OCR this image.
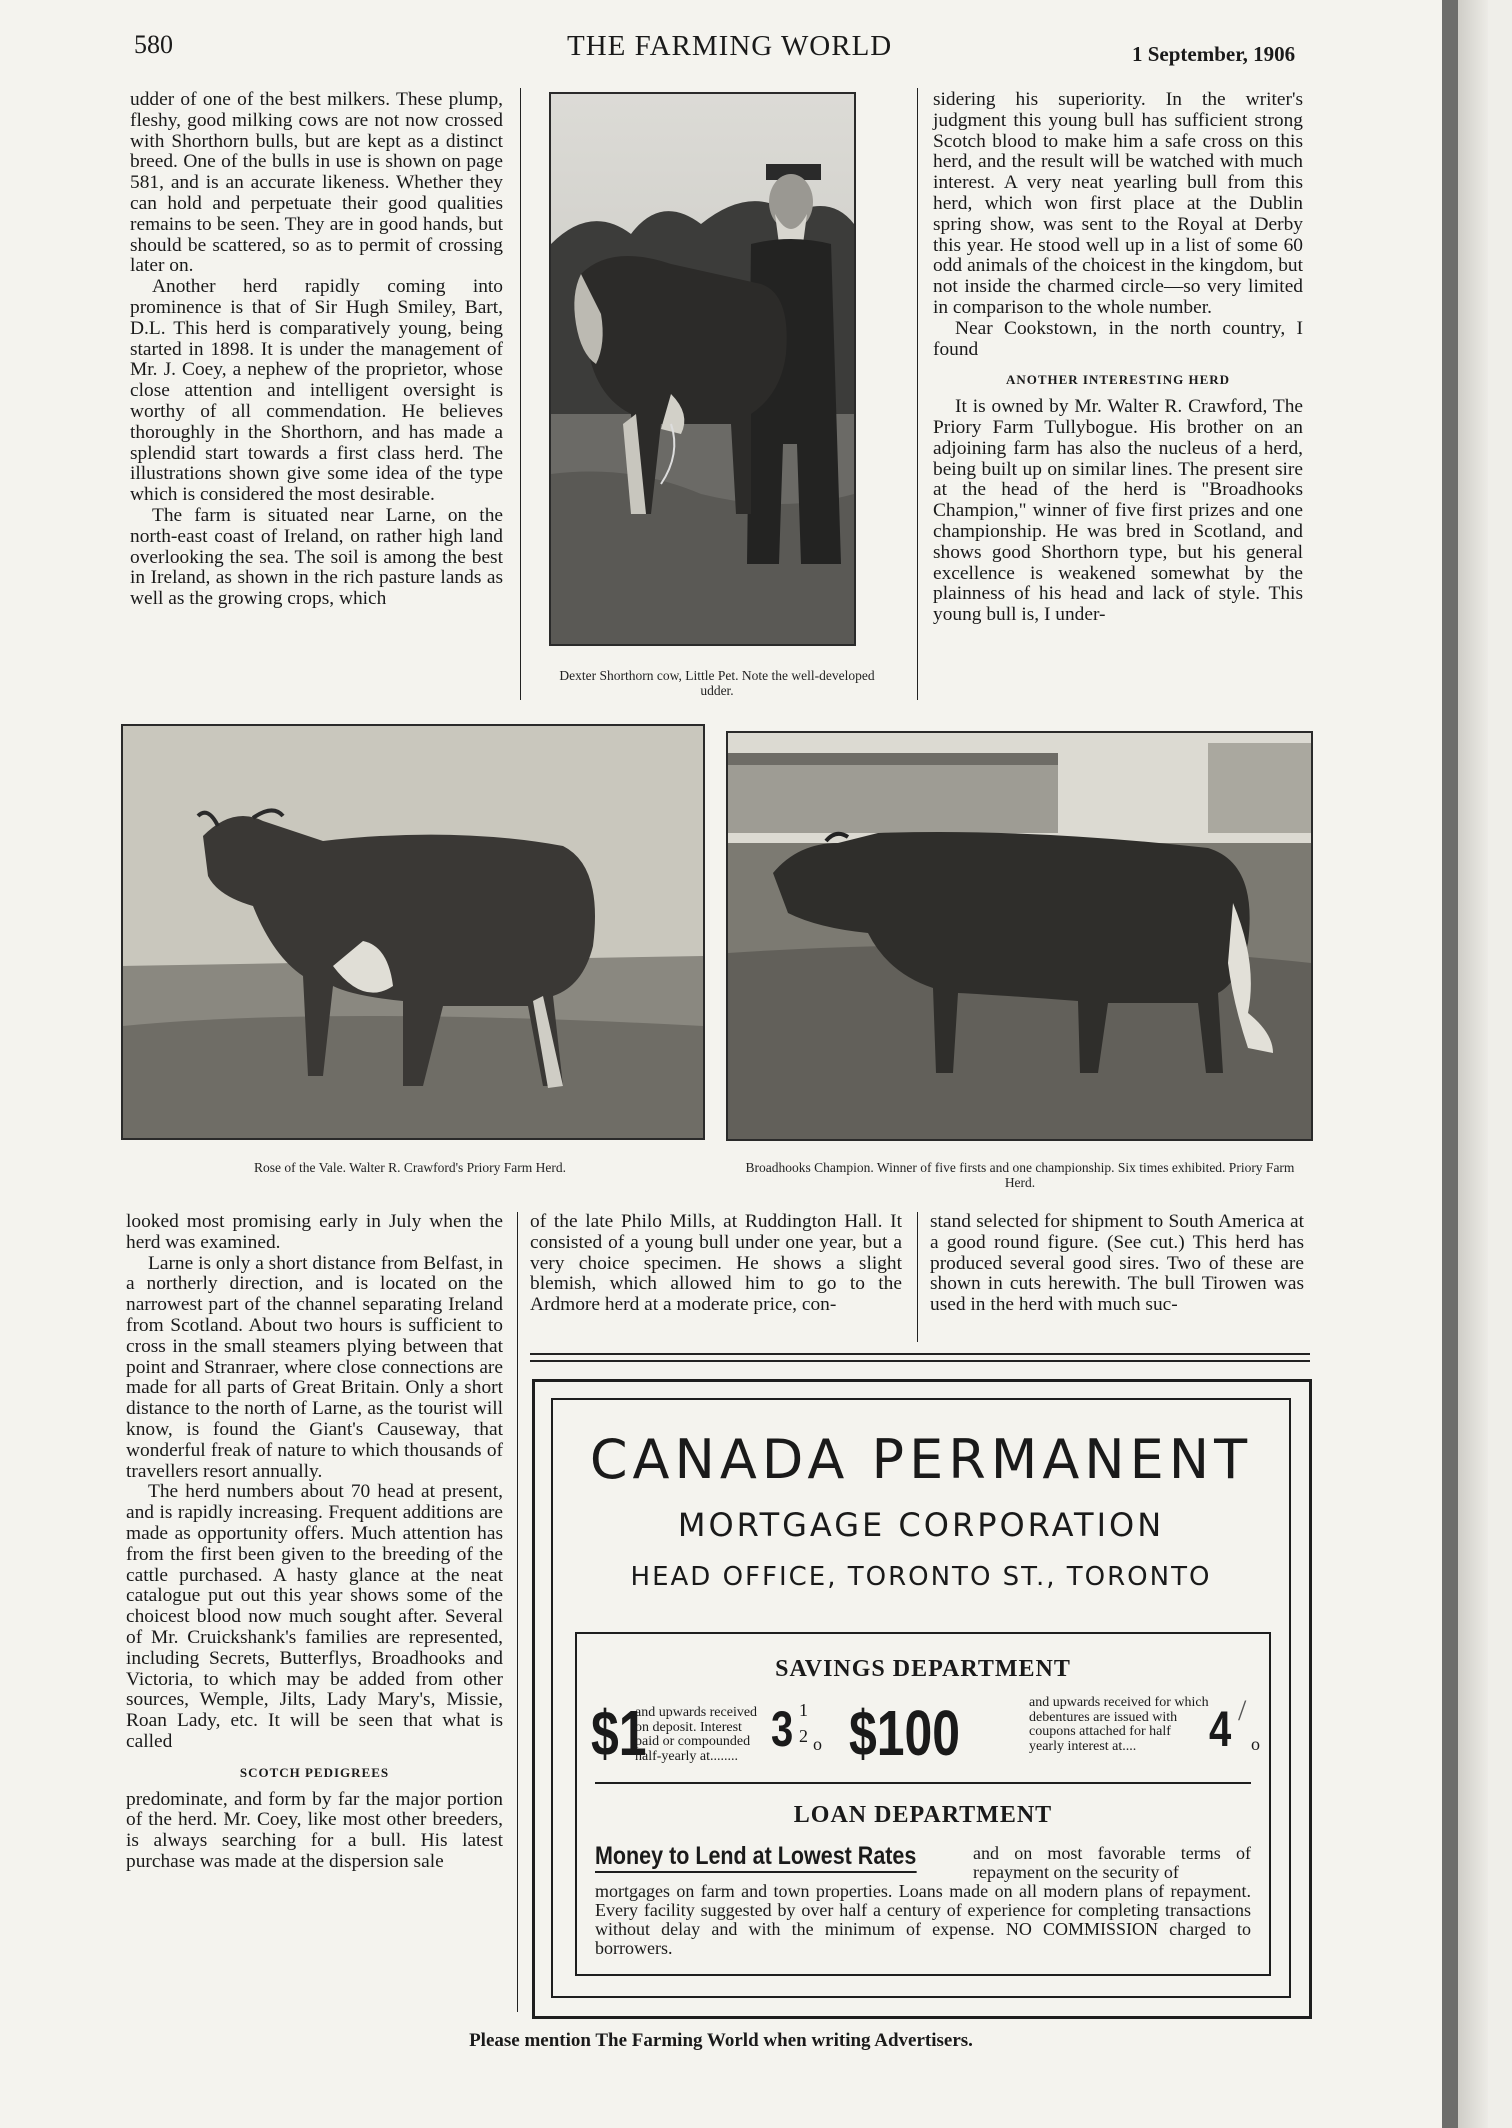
580	THE FARMING WORLD	1 September, 1906

udder of one of the best milkers. These plump, fleshy, good milking cows are not now crossed with Shorthorn bulls, but are kept as a distinct breed. One of the bulls in use is shown on page 581, and is an accurate likeness. Whether they can hold and perpetuate their good qualities remains to be seen. They are in good hands, but should be scattered, so as to permit of crossing later on.

Another herd rapidly coming into prominence is that of Sir Hugh Smiley, Bart, D.L. This herd is comparatively young, being started in 1898. It is under the management of Mr. J. Coey, a nephew of the proprietor, whose close attention and intelligent oversight is worthy of all commendation. He believes thoroughly in the Shorthorn, and has made a splendid start towards a first class herd. The illustrations shown give some idea of the type which is considered the most desirable.

The farm is situated near Larne, on the north-east coast of Ireland, on rather high land overlooking the sea. The soil is among the best in Ireland, as shown in the rich pasture lands as well as the growing crops, which

Dexter Shorthorn cow, Little Pet. Note the well-developed udder.

sidering his superiority. In the writer's judgment this young bull has sufficient strong Scotch blood to make him a safe cross on this herd, and the result will be watched with much interest. A very neat yearling bull from this herd, which won first place at the Dublin spring show, was sent to the Royal at Derby this year. He stood well up in a list of some 60 odd animals of the choicest in the kingdom, but not inside the charmed circle—so very limited in comparison to the whole number.

Near Cookstown, in the north country, I found

ANOTHER INTERESTING HERD

It is owned by Mr. Walter R. Crawford, The Priory Farm Tullybogue. His brother on an adjoining farm has also the nucleus of a herd, being built up on similar lines. The present sire at the head of the herd is "Broadhooks Champion," winner of five first prizes and one championship. He was bred in Scotland, and shows good Shorthorn type, but his general excellence is weakened somewhat by the plainness of his head and lack of style. This young bull is, I under-

Rose of the Vale. Walter R. Crawford's Priory Farm Herd.	Broadhooks Champion. Winner of five firsts and one championship. Six times exhibited. Priory Farm Herd.

looked most promising early in July when the herd was examined.

Larne is only a short distance from Belfast, in a northerly direction, and is located on the narrowest part of the channel separating Ireland from Scotland. About two hours is sufficient to cross in the small steamers plying between that point and Stranraer, where close connections are made for all parts of Great Britain. Only a short distance to the north of Larne, as the tourist will know, is found the Giant's Causeway, that wonderful freak of nature to which thousands of travellers resort annually.

The herd numbers about 70 head at present, and is rapidly increasing. Frequent additions are made as opportunity offers. Much attention has from the first been given to the breeding of the cattle purchased. A hasty glance at the neat catalogue put out this year shows some of the choicest blood now much sought after. Several of Mr. Cruickshank's families are represented, including Secrets, Butterflys, Broadhooks and Victoria, to which may be added from other sources, Wemple, Jilts, Lady Mary's, Missie, Roan Lady, etc. It will be seen that what is called

SCOTCH PEDIGREES

predominate, and form by far the major portion of the herd. Mr. Coey, like most other breeders, is always searching for a bull. His latest purchase was made at the dispersion sale

of the late Philo Mills, at Ruddington Hall. It consisted of a young bull under one year, but a very choice specimen. He shows a slight blemish, which allowed him to go to the Ardmore herd at a moderate price, con-

stand selected for shipment to South America at a good round figure. (See cut.) This herd has produced several good sires. Two of these are shown in cuts herewith. The bull Tirowen was used in the herd with much suc-

CANADA PERMANENT
MORTGAGE CORPORATION
HEAD OFFICE, TORONTO ST., TORONTO
SAVINGS DEPARTMENT
$1
and upwards received on deposit. Interest paid or compounded half-yearly at........ 3 1
2 o $100	and upwards received for which debentures are issued with coupons attached for half yearly interest at....	4 /
o
LOAN DEPARTMENT
Money to Lend at Lowest Rates	and on most favorable terms of repayment on the security of
mortgages on farm and town properties. Loans made on all modern plans of repayment. Every facility suggested by over half a century of experience for completing transactions without delay and with the minimum of expense. NO COMMISSION charged to borrowers.
Please mention The Farming World when writing Advertisers.
